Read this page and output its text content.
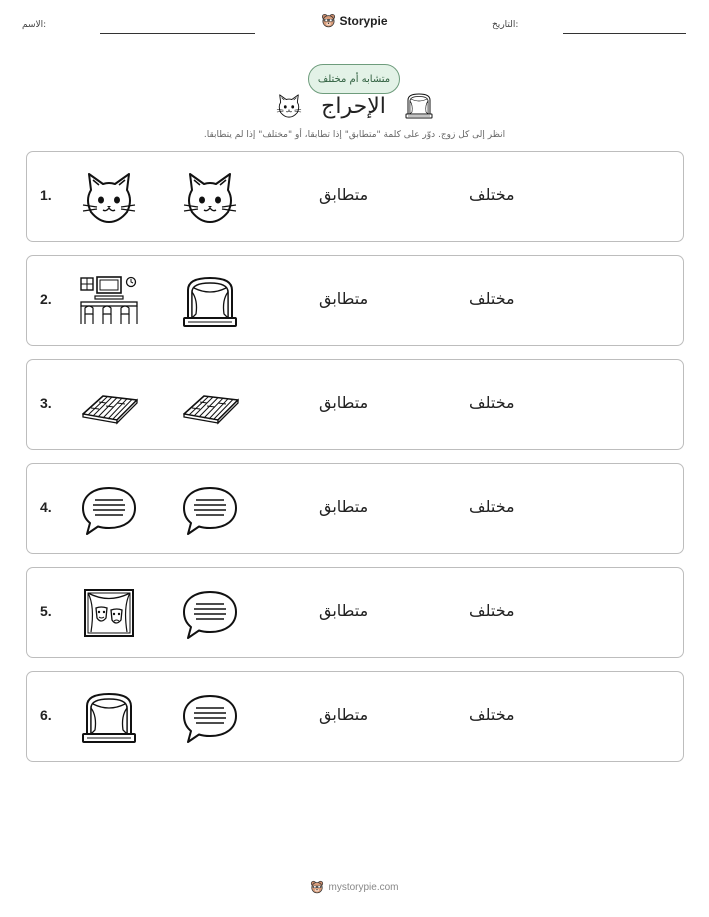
الاسم:	Storypie	التاريخ:
متشابه أم مختلف
الإحراج
انظر إلى كل زوج. دوّر على كلمة "متطابق" إذا تطابقا، أو "مختلف" إذا لم يتطابقا.
1.	متطابق	مختلف
2.	متطابق	مختلف
3.	متطابق	مختلف
4.	متطابق	مختلف
5.	متطابق	مختلف
6.	متطابق	مختلف
mystorypie.com
